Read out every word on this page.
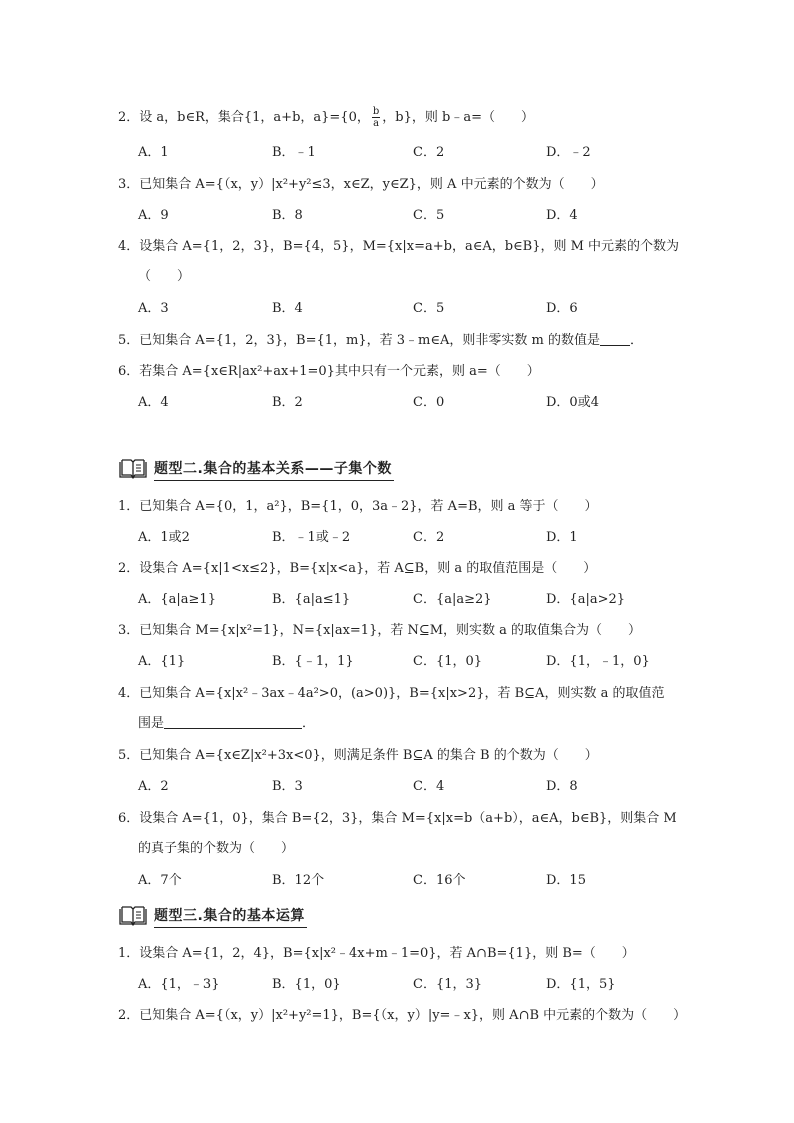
2．设 a，b∈R，集合{1，a+b，a}={0， $\frac{b}{a}$ ，b}，则 b﹣a=（　　）
A．1	B．﹣1	C．2	D．﹣2
3．已知集合 A={（x，y）|x²+y²≤3，x∈Z，y∈Z}，则 A 中元素的个数为（　　）
A．9	B．8	C．5	D．4
4．设集合 A={1，2，3}，B={4，5}，M={x|x=a+b，a∈A，b∈B}，则 M 中元素的个数为
（　　）
A．3	B．4	C．5	D．6
5．已知集合 A={1，2，3}，B={1，m}，若 3﹣m∈A，则非零实数 m 的数值是 ．
6．若集合 A={x∈R|ax²+ax+1=0}其中只有一个元素，则 a=（　　）
A．4	B．2	C．0	D．0或4
题型二.集合的基本关系——子集个数
1．已知集合 A={0，1，a²}，B={1，0，3a﹣2}，若 A=B，则 a 等于（　　）
A．1或2	B．﹣1或﹣2	C．2	D．1
2．设集合 A={x|1<x≤2}，B={x|x<a}，若 A⊆B，则 a 的取值范围是（　　）
A．{a|a≥1}	B．{a|a≤1}	C．{a|a≥2}	D．{a|a>2}
3．已知集合 M={x|x²=1}，N={x|ax=1}，若 N⊆M，则实数 a 的取值集合为（　　）
A．{1}	B．{﹣1，1}	C．{1，0}	D．{1，﹣1，0}
4．已知集合 A={x|x²﹣3ax﹣4a²>0，(a>0)}，B={x|x>2}，若 B⊆A，则实数 a 的取值范
围是	．
5．已知集合 A={x∈Z|x²+3x<0}，则满足条件 B⊆A 的集合 B 的个数为（　　）
A．2	B．3	C．4	D．8
6．设集合 A={1，0}，集合 B={2，3}，集合 M={x|x=b（a+b），a∈A，b∈B}，则集合 M
的真子集的个数为（　　）
A．7个	B．12个	C．16个	D．15
题型三.集合的基本运算
1．设集合 A={1，2，4}，B={x|x²﹣4x+m﹣1=0}，若 A∩B={1}，则 B=（　　）
A．{1，﹣3}	B．{1，0}	C．{1，3}	D．{1，5}
2．已知集合 A={（x，y）|x²+y²=1}，B={（x，y）|y=﹣x}，则 A∩B 中元素的个数为（　　）
